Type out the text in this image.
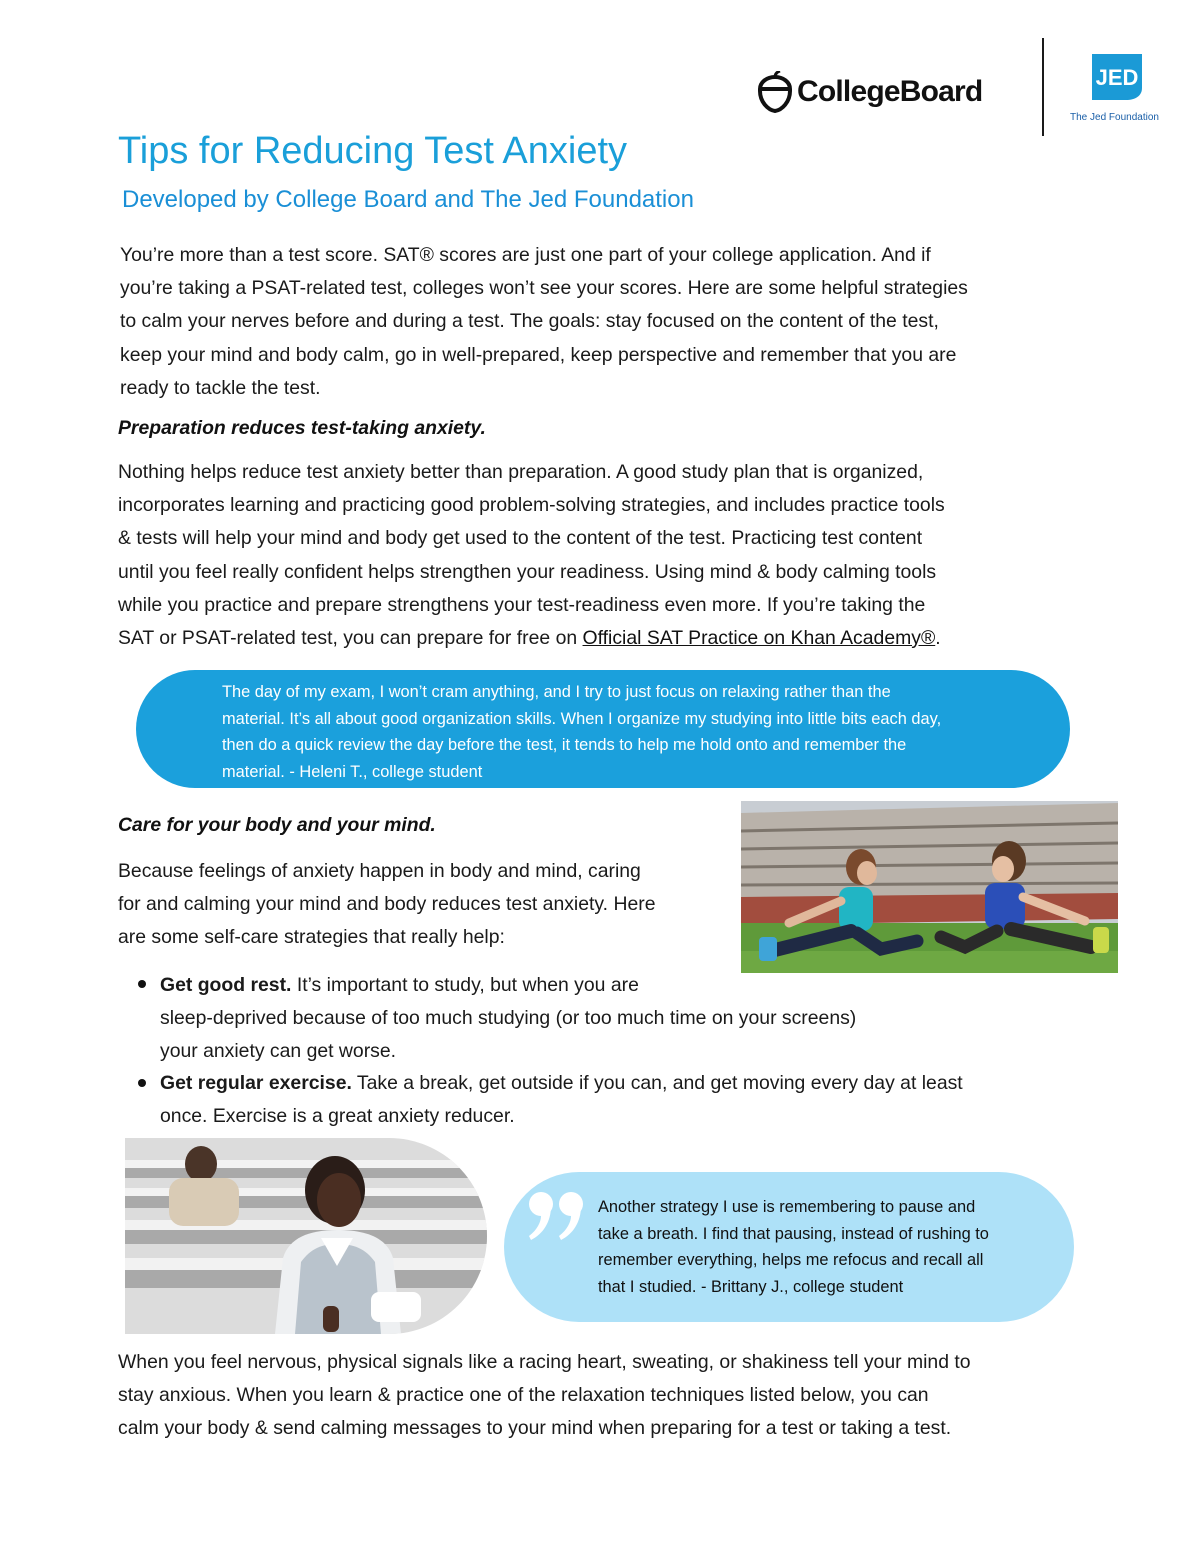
CollegeBoard	JED
The Jed Foundation
Tips for Reducing Test Anxiety
Developed by College Board and The Jed Foundation
You’re more than a test score. SAT® scores are just one part of your college application. And if
you’re taking a PSAT-related test, colleges won’t see your scores. Here are some helpful strategies
to calm your nerves before and during a test. The goals: stay focused on the content of the test,
keep your mind and body calm, go in well-prepared, keep perspective and remember that you are
ready to tackle the test.
Preparation reduces test-taking anxiety.
Nothing helps reduce test anxiety better than preparation. A good study plan that is organized,
incorporates learning and practicing good problem-solving strategies, and includes practice tools
& tests will help your mind and body get used to the content of the test. Practicing test content
until you feel really confident helps strengthen your readiness. Using mind & body calming tools
while you practice and prepare strengthens your test-readiness even more. If you’re taking the
SAT or PSAT-related test, you can prepare for free on Official SAT Practice on Khan Academy®.
The day of my exam, I won’t cram anything, and I try to just focus on relaxing rather than the
material. It’s all about good organization skills. When I organize my studying into little bits each day,
then do a quick review the day before the test, it tends to help me hold onto and remember the
material. - Heleni T., college student
Care for your body and your mind.
Because feelings of anxiety happen in body and mind, caring
for and calming your mind and body reduces test anxiety. Here
are some self-care strategies that really help:
Get good rest. It’s important to study, but when you are
sleep-deprived because of too much studying (or too much time on your screens)
your anxiety can get worse.
Get regular exercise. Take a break, get outside if you can, and get moving every day at least
once. Exercise is a great anxiety reducer.
Another strategy I use is remembering to pause and
take a breath. I find that pausing, instead of rushing to
remember everything, helps me refocus and recall all
that I studied. - Brittany J., college student
When you feel nervous, physical signals like a racing heart, sweating, or shakiness tell your mind to
stay anxious. When you learn & practice one of the relaxation techniques listed below, you can
calm your body & send calming messages to your mind when preparing for a test or taking a test.
